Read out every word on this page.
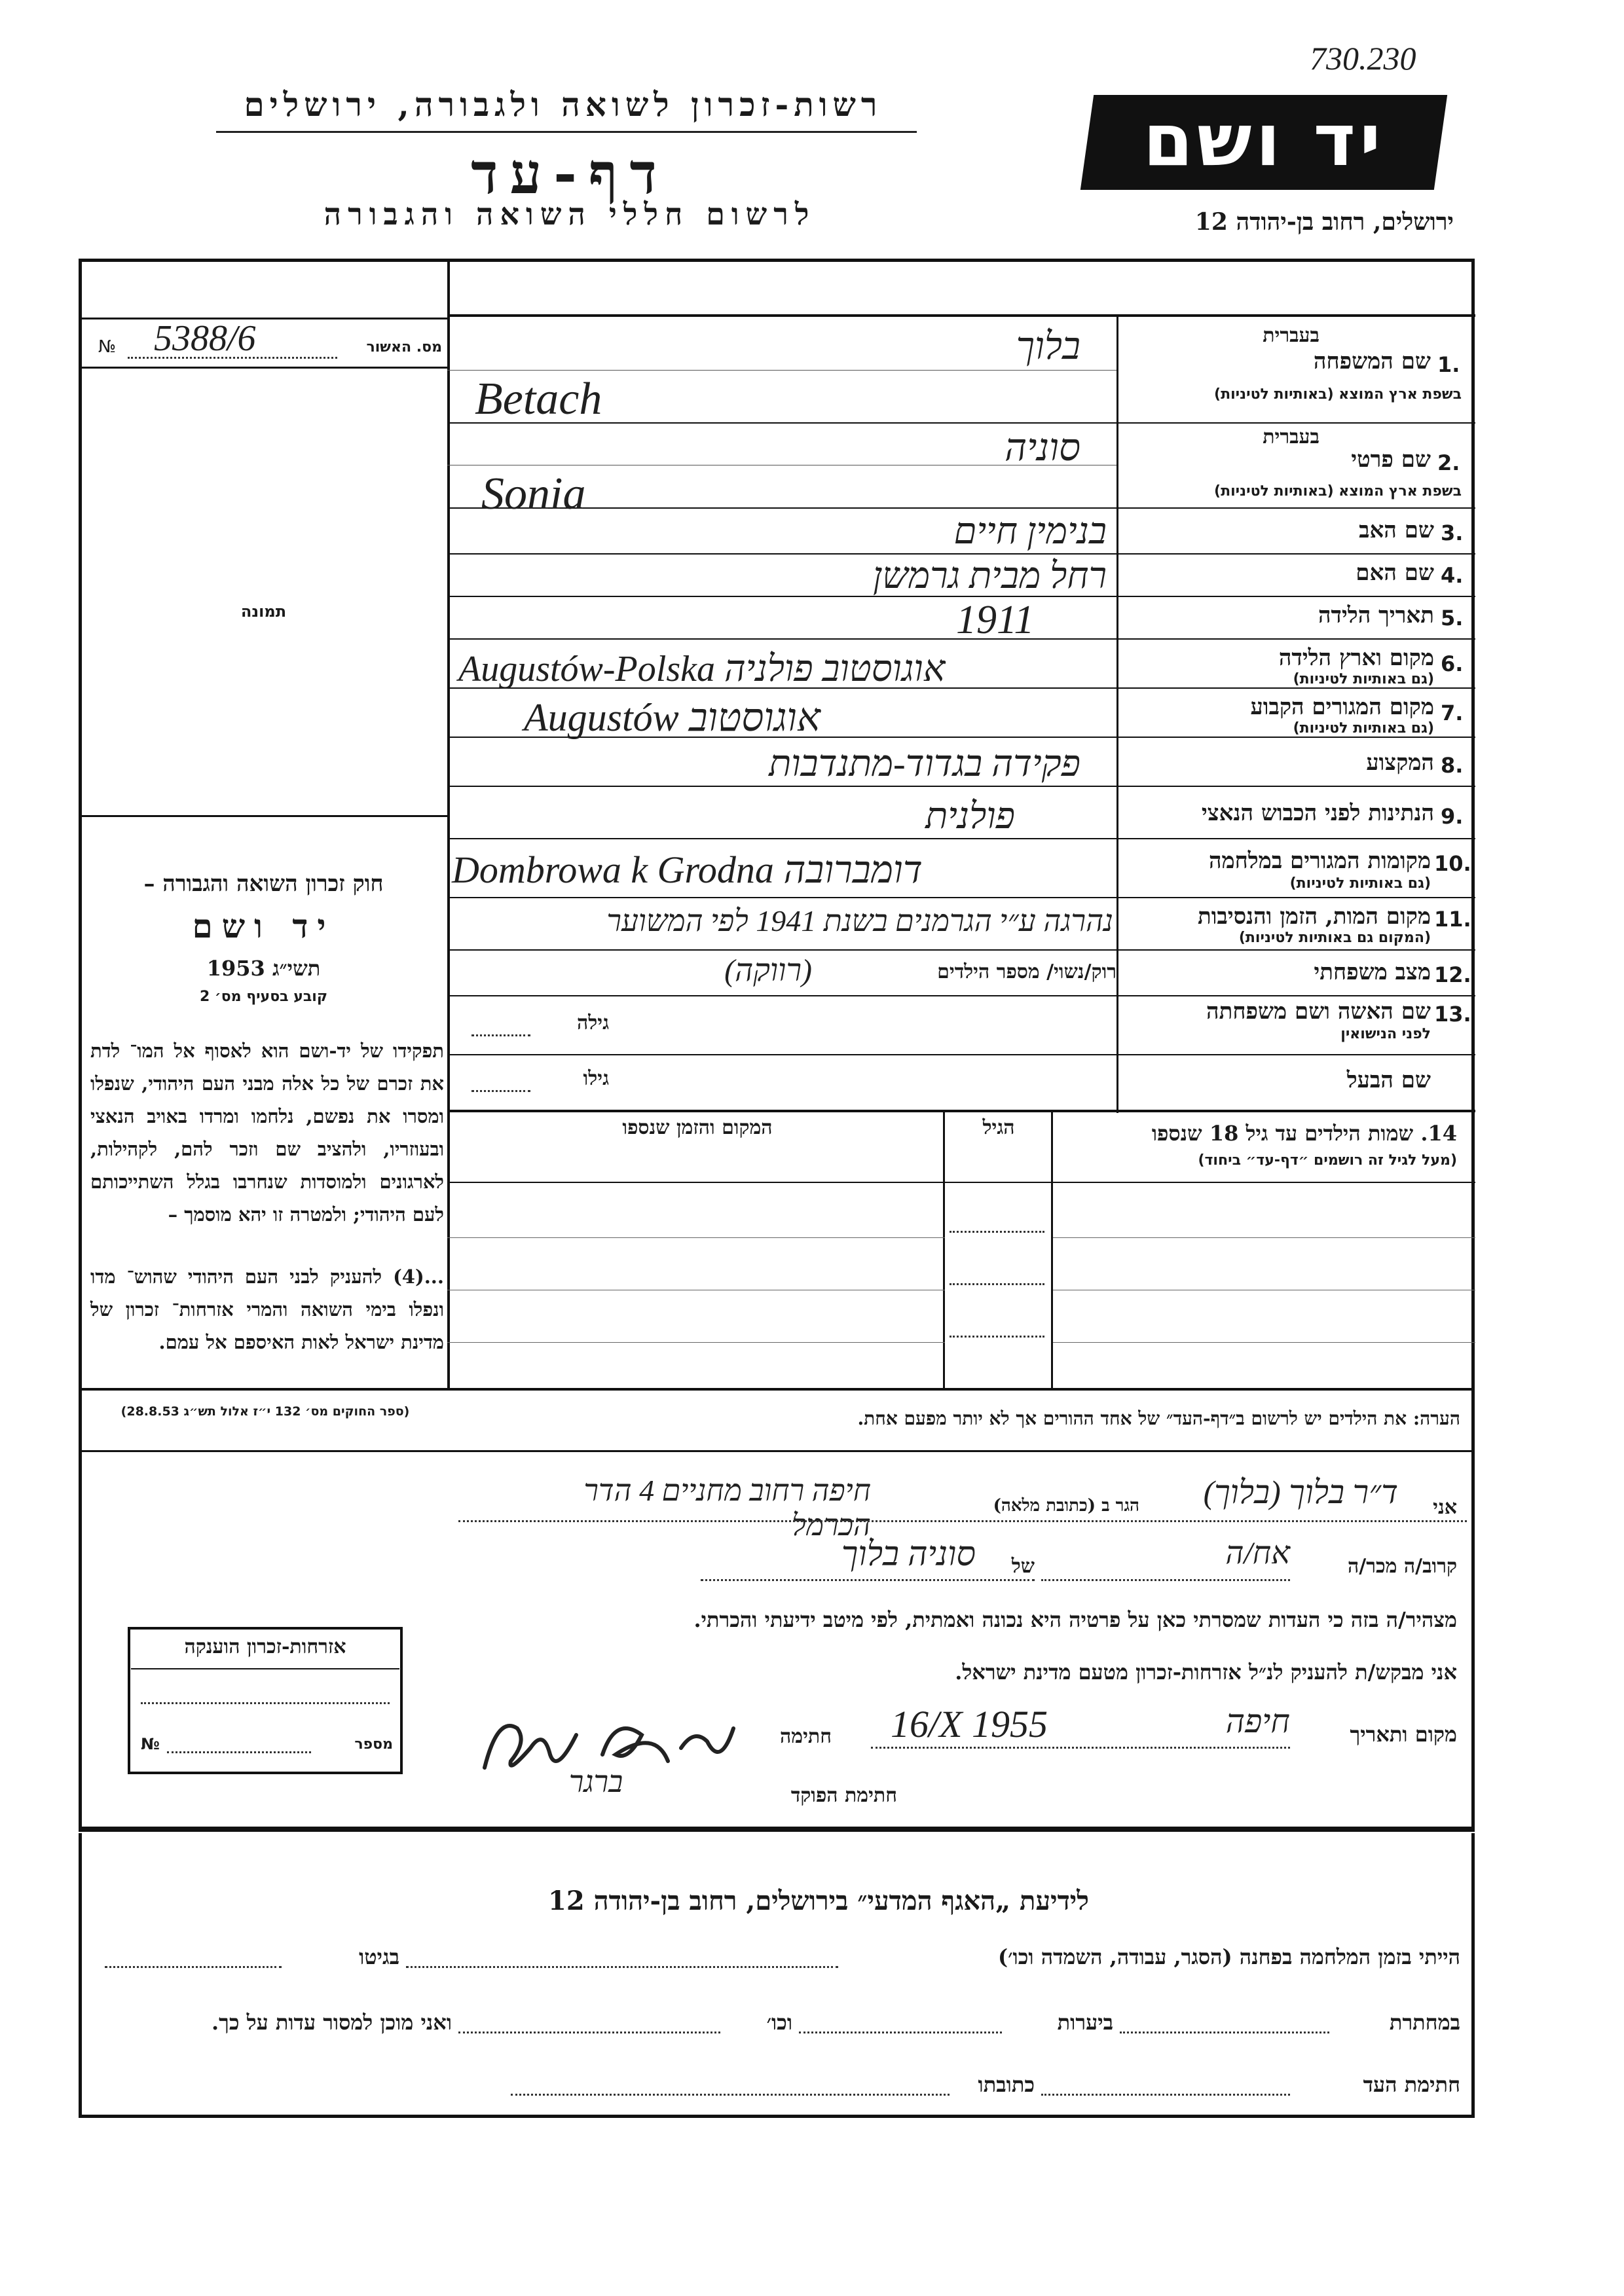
730.230
רשות-זכרון לשואה ולגבורה, ירושלים
דף-עד
לרשום חללי השואה והגבורה
יד ושם
ירושלים, רחוב בן-יהודה 12
№ 5388/6	מס. האשור
תמונה
חוק זכרון השואה והגבורה –
יד ושם
תשי״ג 1953
קובע בסעיף מס׳ 2
תפקידו של יד-ושם הוא לאסוף אל המו־ לדת את זכרם של כל אלה מבני העם היהודי, שנפלו ומסרו את נפשם, נלחמו ומרדו באויב הנאצי ובעוזריו, ולהציב שם וזכר להם, לקהילות, לארגונים ולמוסדות שנחרבו בגלל השתייכותם לעם היהודי; ולמטרה זו יהא מוסמך –
...(4) להעניק לבני העם היהודי שהוש־ מדו ונפלו בימי השואה והמרי אזרחות־ זכרון של מדינת ישראל לאות האיספם אל עמם.
(ספר החוקים מס׳ 132 י״ז אלול תש״ג 28.8.53)
בעברית
1.
שם המשפחה
בשפת ארץ המוצא (באותיות לטיניות)
בלוך
Betach
בעברית
2.
שם פרטי
בשפת ארץ המוצא (באותיות לטיניות)
סוניה
Sonia
3.
שם האב
בנימין חיים
4.
שם האם
רחל מבית גרמשן
5.
תאריך הלידה
1911
6.
מקום וארץ הלידה
(גם באותיות לטיניות)
Augustów-Polska אוגוסטוב פולניה
7.
מקום המגורים הקבוע
(גם באותיות לטיניות)
Augustów אוגוסטוב
8.
המקצוע
פקידה בגדוד-מתנדבות
9.
הנתינות לפני הכבוש הנאצי
פולנית
10.
מקומות המגורים במלחמה
(גם באותיות לטיניות)
Dombrowa k Grodna דומברובה
11.
מקום המות, הזמן והנסיבות
(המקום גם באותיות לטיניות)
נהרגה ע״י הגרמנים בשנת 1941 לפי המשוער
12.
מצב משפחתי
רוק/נשוי/ מספר הילדים
(רווקה)
13.
שם האשה ושם משפחתה
לפני הנישואין
גילה
שם הבעל
גילו
14. שמות הילדים עד גיל 18 שנספו
(מעל לגיל זה רושמים ״דף-עד״ ביחוד)
הגיל
המקום והזמן שנספו
הערה: את הילדים יש לרשום ב״דף-העד״ של אחד ההורים אך לא יותר מפעם אחת.
אני
ד״ר בלוך (בלוך)
הגר ב (כתובת מלאה)
חיפה רחוב מחניים 4 הדר הכרמל
קרוב/ה מכר/ה
אח/ה
של
סוניה בלוך
מצהיר/ה בזה כי העדות שמסרתי כאן על פרטיה היא נכונה ואמתית, לפי מיטב ידיעתי והכרתי.
אני מבקש/ת להעניק לנ״ל אזרחות-זכרון מטעם מדינת ישראל.
מקום ותאריך
חיפה
16/X 1955
חתימה
חתימת הפוקד
ברגר
אזרחות-זכרון הוענקה
№	מספר
לידיעת „האגף המדעי״ בירושלים, רחוב בן-יהודה 12
הייתי בזמן המלחמה בפחנה (הסגר, עבודה, השמדה וכו׳)
בגיטו
במחתרת
ביערות
וכו׳
ואני מוכן למסור עדות על כך.
חתימת העד
כתובתו
